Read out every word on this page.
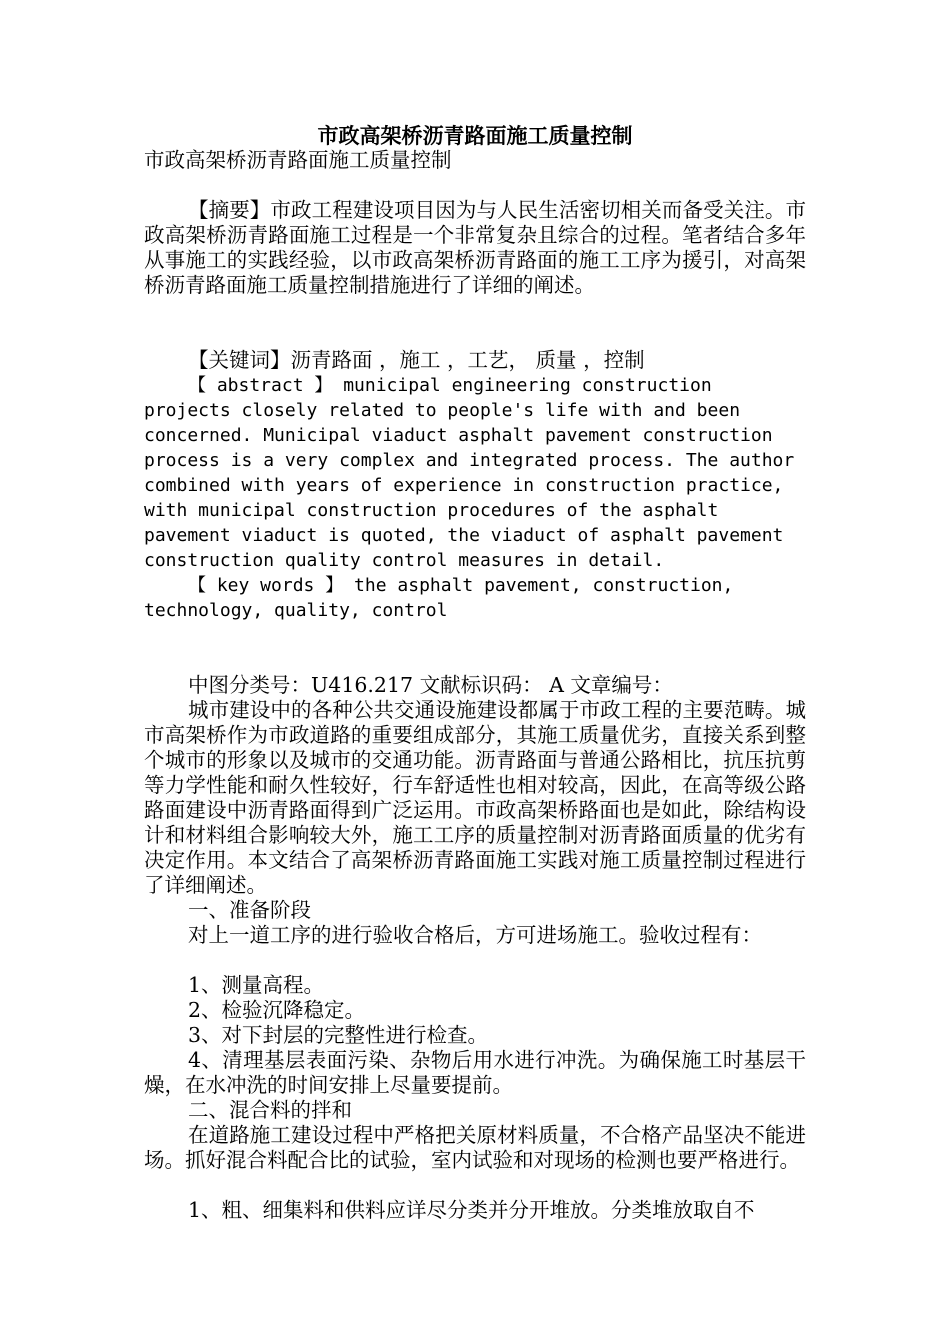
市政高架桥沥青路面施工质量控制

市政高架桥沥青路面施工质量控制

【摘要】市政工程建设项目因为与人民生活密切相关而备受关注。市政高架桥沥青路面施工过程是一个非常复杂且综合的过程。笔者结合多年从事施工的实践经验，以市政高架桥沥青路面的施工工序为援引，对高架桥沥青路面施工质量控制措施进行了详细的阐述。

【关键词】沥青路面 ，施工 ，工艺， 质量 ，控制

【 abstract 】 municipal engineering construction projects closely related to people's life with and been concerned. Municipal viaduct asphalt pavement construction process is a very complex and integrated process. The author combined with years of experience in construction practice, with municipal construction procedures of the asphalt pavement viaduct is quoted, the viaduct of asphalt pavement construction quality control measures in detail.

【 key words 】 the asphalt pavement, construction, technology, quality, control

中图分类号：U416.217 文献标识码： A 文章编号：

城市建设中的各种公共交通设施建设都属于市政工程的主要范畴。城市高架桥作为市政道路的重要组成部分，其施工质量优劣，直接关系到整个城市的形象以及城市的交通功能。沥青路面与普通公路相比，抗压抗剪等力学性能和耐久性较好，行车舒适性也相对较高，因此，在高等级公路路面建设中沥青路面得到广泛运用。市政高架桥路面也是如此，除结构设计和材料组合影响较大外，施工工序的质量控制对沥青路面质量的优劣有决定作用。本文结合了高架桥沥青路面施工实践对施工质量控制过程进行了详细阐述。

一、准备阶段

对上一道工序的进行验收合格后，方可进场施工。验收过程有：

1、测量高程。

2、检验沉降稳定。

3、对下封层的完整性进行检查。

4、清理基层表面污染、杂物后用水进行冲洗。为确保施工时基层干燥，在水冲洗的时间安排上尽量要提前。

二、混合料的拌和

在道路施工建设过程中严格把关原材料质量，不合格产品坚决不能进场。抓好混合料配合比的试验，室内试验和对现场的检测也要严格进行。

1、粗、细集料和供料应详尽分类并分开堆放。分类堆放取自不
